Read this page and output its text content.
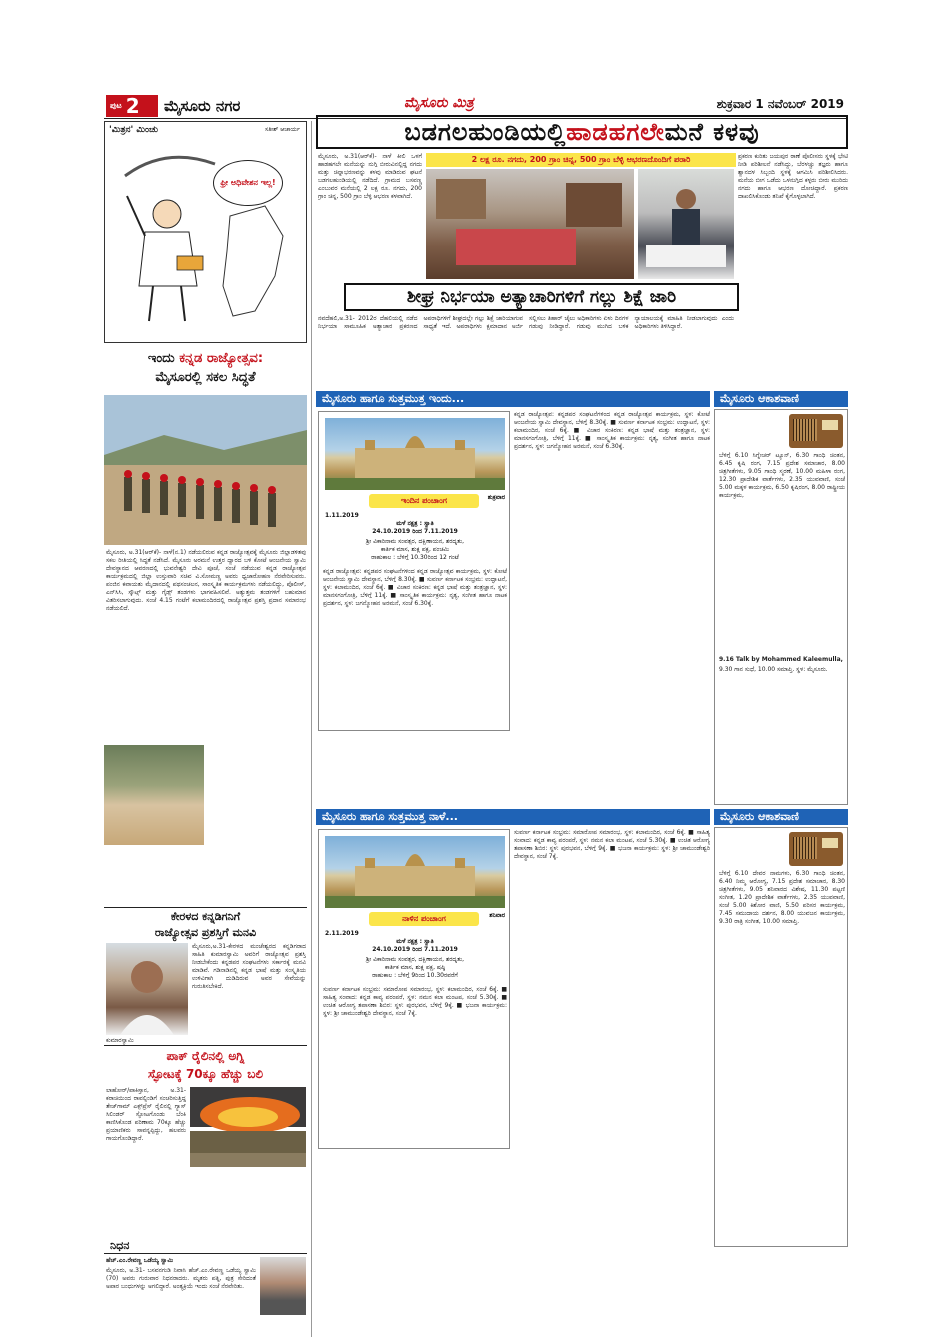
ಪುಟ 2 ಮೈಸೂರು ನಗರ	ಮೈಸೂರು ಮಿತ್ರ	ಶುಕ್ರವಾರ 1 ನವೆಂಬರ್ 2019
'ಮಿತ್ರನ' ಮಿಂಚು	ಸತೀಶ್ ಆಚಾರ್ಯ
ಫ್ರೀ ಅಧಿವೇಶನ ಇಲ್ಲ!
ಇಂದು ಕನ್ನಡ ರಾಜ್ಯೋತ್ಸವ:
ಮೈಸೂರಲ್ಲಿ ಸಕಲ ಸಿದ್ಧತೆ
ಮೈಸೂರು, ಅ.31(ಆರ್‌ಕೆ)- ನಾಳೆ(ನ.1) ನಡೆಯಲಿರುವ ಕನ್ನಡ ರಾಜ್ಯೋತ್ಸವಕ್ಕೆ ಮೈಸೂರು ಜಿಲ್ಲಾಡಳಿತವು ಸಕಲ ರೀತಿಯಲ್ಲಿ ಸಿದ್ಧತೆ ನಡೆಸಿದೆ. ಮೈಸೂರು ಅರಮನೆ ಉತ್ತರ ದ್ವಾರದ ಬಳಿ ಕೋಟೆ ಆಂಜನೇಯ ಸ್ವಾಮಿ ದೇವಸ್ಥಾನದ ಆವರಣದಲ್ಲಿ ಭುವನೇಶ್ವರಿ ದೇವಿ ಪೂಜೆ, ಸಂಜೆ ನಡೆಯುವ ಕನ್ನಡ ರಾಜ್ಯೋತ್ಸವ ಕಾರ್ಯಕ್ರಮದಲ್ಲಿ ಜಿಲ್ಲಾ ಉಸ್ತುವಾರಿ ಸಚಿವ ವಿ.ಸೋಮಣ್ಣ ಅವರು ಧ್ವಜಾರೋಹಣ ನೆರವೇರಿಸುವರು. ಪಂಜಿನ ಕವಾಯತು ಮೈದಾನದಲ್ಲಿ ಪಥಸಂಚಲನ, ಸಾಂಸ್ಕೃತಿಕ ಕಾರ್ಯಕ್ರಮಗಳು ನಡೆಯಲಿದ್ದು, ಪೊಲೀಸ್, ಎನ್‌ಸಿಸಿ, ಸ್ಕೌಟ್ಸ್ ಮತ್ತು ಗೈಡ್ಸ್ ತಂಡಗಳು ಭಾಗವಹಿಸಲಿವೆ. ಅತ್ಯುತ್ತಮ ತಂಡಗಳಿಗೆ ಬಹುಮಾನ ವಿತರಿಸಲಾಗುವುದು. ಸಂಜೆ 4.15 ಗಂಟೆಗೆ ಕಲಾಮಂದಿರದಲ್ಲಿ ರಾಜ್ಯೋತ್ಸವ ಪ್ರಶಸ್ತಿ ಪ್ರದಾನ ಸಮಾರಂಭ ನಡೆಯಲಿದೆ.
ಕೇರಳದ ಕನ್ನಡಿಗನಿಗೆ
ರಾಜ್ಯೋತ್ಸವ ಪ್ರಶಸ್ತಿಗೆ ಮನವಿ
ಕುಮಾರಸ್ವಾಮಿ
ಮೈಸೂರು,ಅ.31-ಕೇರಳದ ಮಂಜೇಶ್ವರದ ಕನ್ನಡಿಗರಾದ ಸಾಹಿತಿ ಕುಮಾರಸ್ವಾಮಿ ಅವರಿಗೆ ರಾಜ್ಯೋತ್ಸವ ಪ್ರಶಸ್ತಿ ನೀಡಬೇಕೆಂದು ಕನ್ನಡಪರ ಸಂಘಟನೆಗಳು ಸರ್ಕಾರಕ್ಕೆ ಮನವಿ ಮಾಡಿವೆ. ಗಡಿನಾಡಿನಲ್ಲಿ ಕನ್ನಡ ಭಾಷೆ ಮತ್ತು ಸಂಸ್ಕೃತಿಯ ಉಳಿವಿಗಾಗಿ ದುಡಿದಿರುವ ಅವರ ಸೇವೆಯನ್ನು ಗುರುತಿಸಬೇಕಿದೆ.
ಪಾಕ್ ರೈಲಿನಲ್ಲಿ ಅಗ್ನಿ
ಸ್ಫೋಟಕ್ಕೆ 70ಕ್ಕೂ ಹೆಚ್ಚು ಬಲಿ
ಲಾಹೋರ್/ಪಾಕಿಸ್ತಾನ, ಅ.31- ಕರಾಚಿಯಿಂದ ರಾವಲ್ಪಿಂಡಿಗೆ ಸಂಚರಿಸುತ್ತಿದ್ದ ತೇಜ್‌ಗಾಮ್ ಎಕ್ಸ್‌ಪ್ರೆಸ್ ರೈಲಿನಲ್ಲಿ ಗ್ಯಾಸ್ ಸಿಲಿಂಡರ್ ಸ್ಫೋಟಗೊಂಡು ಬೆಂಕಿ ಕಾಣಿಸಿಕೊಂಡ ಪರಿಣಾಮ 70ಕ್ಕೂ ಹೆಚ್ಚು ಪ್ರಯಾಣಿಕರು ಸಾವನ್ನಪ್ಪಿದ್ದು, ಹಲವರು ಗಾಯಗೊಂಡಿದ್ದಾರೆ.
ನಿಧನ
ಹೆಚ್.ಎಂ.ರೇವಣ್ಣ ಒಡೆಯ್ಯ ಸ್ವಾಮಿ
ಮೈಸೂರು, ಅ.31- ಬಸವನಗುಡಿ ನಿವಾಸಿ ಹೆಚ್.ಎಂ.ರೇವಣ್ಣ ಒಡೆಯ್ಯ ಸ್ವಾಮಿ (70) ಅವರು ಗುರುವಾರ ನಿಧನರಾದರು. ಮೃತರು ಪತ್ನಿ, ಪುತ್ರ ಸೇರಿದಂತೆ ಅಪಾರ ಬಂಧುಗಳನ್ನು ಅಗಲಿದ್ದಾರೆ. ಅಂತ್ಯಕ್ರಿಯೆ ಇಂದು ಸಂಜೆ ನೆರವೇರಿತು.
ಬಡಗಲಹುಂಡಿಯಲ್ಲಿ ಹಾಡಹಗಲೇ ಮನೆ ಕಳವು
ಮೈಸೂರು, ಅ.31(ಆರ್‌ಕೆ)- ನಾಳೆ ಕೀಲಿ ಒಳಗೆ ಹಾಡಹಗಲೇ ಮನೆಯನ್ನು ನುಗ್ಗಿ ಬೀರುವಿನಲ್ಲಿದ್ದ ನಗದು ಮತ್ತು ಚಿನ್ನಾಭರಣವನ್ನು ಕಳವು ಮಾಡಿರುವ ಘಟನೆ ಬಡಗಲಹುಂಡಿಯಲ್ಲಿ ನಡೆದಿದೆ. ಗ್ರಾಮದ ಬಸವಣ್ಣ ಎಂಬುವರ ಮನೆಯಲ್ಲಿ 2 ಲಕ್ಷ ರೂ. ನಗದು, 200 ಗ್ರಾಂ ಚಿನ್ನ, 500 ಗ್ರಾಂ ಬೆಳ್ಳಿ ಆಭರಣ ಕಳವಾಗಿದೆ.
2 ಲಕ್ಷ ರೂ. ನಗದು, 200 ಗ್ರಾಂ ಚಿನ್ನ, 500 ಗ್ರಾಂ ಬೆಳ್ಳಿ ಆಭರಣದೊಂದಿಗೆ ಪರಾರಿ	ಪ್ರಕರಣ ಕುರಿತು ಜಯಪುರ ಠಾಣೆ ಪೊಲೀಸರು ಸ್ಥಳಕ್ಕೆ ಭೇಟಿ ನೀಡಿ ಪರಿಶೀಲನೆ ನಡೆಸಿದ್ದು, ಬೆರಳಚ್ಚು ತಜ್ಞರು ಹಾಗೂ ಶ್ವಾನದಳ ಸಿಬ್ಬಂದಿ ಸ್ಥಳಕ್ಕೆ ಆಗಮಿಸಿ ಪರಿಶೀಲಿಸಿದರು. ಮನೆಯ ಬೀಗ ಒಡೆದು ಒಳನುಗ್ಗಿದ ಕಳ್ಳರು ಬೀರು ಮುರಿದು ನಗದು ಹಾಗೂ ಆಭರಣ ದೋಚಿದ್ದಾರೆ. ಪ್ರಕರಣ ದಾಖಲಿಸಿಕೊಂಡು ತನಿಖೆ ಕೈಗೊಳ್ಳಲಾಗಿದೆ.
ಶೀಘ್ರ ನಿರ್ಭಯಾ ಅತ್ಯಾಚಾರಿಗಳಿಗೆ ಗಲ್ಲು ಶಿಕ್ಷೆ ಜಾರಿ
ನವದೆಹಲಿ,ಅ.31- 2012ರ ದೆಹಲಿಯಲ್ಲಿ ನಡೆದ ನಿರ್ಭಯಾ ಸಾಮೂಹಿಕ ಅತ್ಯಾಚಾರ ಪ್ರಕರಣದ ಅಪರಾಧಿಗಳಿಗೆ ಶೀಘ್ರದಲ್ಲೇ ಗಲ್ಲು ಶಿಕ್ಷೆ ಜಾರಿಯಾಗುವ ಸಾಧ್ಯತೆ ಇದೆ. ಅಪರಾಧಿಗಳು ಕ್ಷಮಾದಾನ ಅರ್ಜಿ ಸಲ್ಲಿಸಲು ತಿಹಾರ್ ಜೈಲು ಅಧಿಕಾರಿಗಳು ಏಳು ದಿನಗಳ ಗಡುವು ನೀಡಿದ್ದಾರೆ. ಗಡುವು ಮುಗಿದ ಬಳಿಕ ನ್ಯಾಯಾಲಯಕ್ಕೆ ಮಾಹಿತಿ ನೀಡಲಾಗುವುದು ಎಂದು ಅಧಿಕಾರಿಗಳು ತಿಳಿಸಿದ್ದಾರೆ.
ಮೈಸೂರು ಹಾಗೂ ಸುತ್ತಮುತ್ತ ಇಂದು...
ಇಂದಿನ ಪಂಚಾಂಗ
1.11.2019
ಶುಕ್ರವಾರ
ಮಳೆ ನಕ್ಷತ್ರ : ಸ್ವಾತಿ
24.10.2019 ರಿಂದ 7.11.2019
ಶ್ರೀ ವಿಕಾರಿನಾಮ ಸಂವತ್ಸರ, ದಕ್ಷಿಣಾಯನ, ಶರದೃತು,
ಕಾರ್ತಿಕ ಮಾಸ, ಶುಕ್ಲ ಪಕ್ಷ, ಪಂಚಮಿ
ರಾಹುಕಾಲ : ಬೆಳಿಗ್ಗೆ 10.30ರಿಂದ 12 ಗಂಟೆ
ಕನ್ನಡ ರಾಜ್ಯೋತ್ಸವ: ಕನ್ನಡಪರ ಸಂಘಟನೆಗಳಿಂದ ಕನ್ನಡ ರಾಜ್ಯೋತ್ಸವ ಕಾರ್ಯಕ್ರಮ, ಸ್ಥಳ: ಕೋಟೆ ಆಂಜನೇಯ ಸ್ವಾಮಿ ದೇವಸ್ಥಾನ, ಬೆಳಿಗ್ಗೆ 8.30ಕ್ಕೆ. ■ ಸುವರ್ಣ ಕರ್ನಾಟಕ ಸಂಭ್ರಮ: ಉದ್ಘಾಟನೆ, ಸ್ಥಳ: ಕಲಾಮಂದಿರ, ಸಂಜೆ 6ಕ್ಕೆ. ■ ವಿಚಾರ ಸಂಕಿರಣ: ಕನ್ನಡ ಭಾಷೆ ಮತ್ತು ತಂತ್ರಜ್ಞಾನ, ಸ್ಥಳ: ಮಾನಸಗಂಗೋತ್ರಿ, ಬೆಳಿಗ್ಗೆ 11ಕ್ಕೆ. ■ ಸಾಂಸ್ಕೃತಿಕ ಕಾರ್ಯಕ್ರಮ: ನೃತ್ಯ, ಸಂಗೀತ ಹಾಗೂ ನಾಟಕ ಪ್ರದರ್ಶನ, ಸ್ಥಳ: ಜಗನ್ಮೋಹನ ಅರಮನೆ, ಸಂಜೆ 6.30ಕ್ಕೆ.
ಕನ್ನಡ ರಾಜ್ಯೋತ್ಸವ: ಕನ್ನಡಪರ ಸಂಘಟನೆಗಳಿಂದ ಕನ್ನಡ ರಾಜ್ಯೋತ್ಸವ ಕಾರ್ಯಕ್ರಮ, ಸ್ಥಳ: ಕೋಟೆ ಆಂಜನೇಯ ಸ್ವಾಮಿ ದೇವಸ್ಥಾನ, ಬೆಳಿಗ್ಗೆ 8.30ಕ್ಕೆ. ■ ಸುವರ್ಣ ಕರ್ನಾಟಕ ಸಂಭ್ರಮ: ಉದ್ಘಾಟನೆ, ಸ್ಥಳ: ಕಲಾಮಂದಿರ, ಸಂಜೆ 6ಕ್ಕೆ. ■ ವಿಚಾರ ಸಂಕಿರಣ: ಕನ್ನಡ ಭಾಷೆ ಮತ್ತು ತಂತ್ರಜ್ಞಾನ, ಸ್ಥಳ: ಮಾನಸಗಂಗೋತ್ರಿ, ಬೆಳಿಗ್ಗೆ 11ಕ್ಕೆ. ■ ಸಾಂಸ್ಕೃತಿಕ ಕಾರ್ಯಕ್ರಮ: ನೃತ್ಯ, ಸಂಗೀತ ಹಾಗೂ ನಾಟಕ ಪ್ರದರ್ಶನ, ಸ್ಥಳ: ಜಗನ್ಮೋಹನ ಅರಮನೆ, ಸಂಜೆ 6.30ಕ್ಕೆ.
ಮೈಸೂರು ಆಕಾಶವಾಣಿ
ಬೆಳಿಗ್ಗೆ 6.10 ಸಿಗ್ನೇಚರ್ ಟ್ಯೂನ್, 6.30 ಗಾಂಧಿ ಚಿಂತನ, 6.45 ಕೃಷಿ ರಂಗ, 7.15 ಪ್ರದೇಶ ಸಮಾಚಾರ, 8.00 ಚಿತ್ರಗೀತೆಗಳು, 9.05 ಗಾಂಧಿ ಸ್ಮರಣೆ, 10.00 ಮಹಿಳಾ ರಂಗ, 12.30 ಪ್ರಾದೇಶಿಕ ವಾರ್ತೆಗಳು, 2.35 ಯುವವಾಣಿ, ಸಂಜೆ 5.00 ಮಕ್ಕಳ ಕಾರ್ಯಕ್ರಮ, 6.50 ಕೃಷಿರಂಗ, 8.00 ರಾಷ್ಟ್ರೀಯ ಕಾರ್ಯಕ್ರಮ,
9.16 Talk by Mohammed Kaleemulla,
9.30 ಗಾನ ಸುಧೆ, 10.00 ಸಮಾಪ್ತಿ. ಸ್ಥಳ: ಮೈಸೂರು.
ಮೈಸೂರು ಹಾಗೂ ಸುತ್ತಮುತ್ತ ನಾಳೆ...
ನಾಳಿನ ಪಂಚಾಂಗ
2.11.2019
ಶನಿವಾರ
ಮಳೆ ನಕ್ಷತ್ರ : ಸ್ವಾತಿ
24.10.2019 ರಿಂದ 7.11.2019
ಶ್ರೀ ವಿಕಾರಿನಾಮ ಸಂವತ್ಸರ, ದಕ್ಷಿಣಾಯನ, ಶರದೃತು,
ಕಾರ್ತಿಕ ಮಾಸ, ಶುಕ್ಲ ಪಕ್ಷ, ಷಷ್ಠಿ
ರಾಹುಕಾಲ : ಬೆಳಿಗ್ಗೆ 9ರಿಂದ 10.30ರವರೆಗೆ
ಸುವರ್ಣ ಕರ್ನಾಟಕ ಸಂಭ್ರಮ: ಸಮಾರೋಪ ಸಮಾರಂಭ, ಸ್ಥಳ: ಕಲಾಮಂದಿರ, ಸಂಜೆ 6ಕ್ಕೆ. ■ ಸಾಹಿತ್ಯ ಸಂವಾದ: ಕನ್ನಡ ಕಾವ್ಯ ಪರಂಪರೆ, ಸ್ಥಳ: ನಮನ ಕಲಾ ಮಂಟಪ, ಸಂಜೆ 5.30ಕ್ಕೆ. ■ ಉಚಿತ ಆರೋಗ್ಯ ತಪಾಸಣಾ ಶಿಬಿರ: ಸ್ಥಳ: ಪುರಭವನ, ಬೆಳಿಗ್ಗೆ 9ಕ್ಕೆ. ■ ಭಜನಾ ಕಾರ್ಯಕ್ರಮ: ಸ್ಥಳ: ಶ್ರೀ ಚಾಮುಂಡೇಶ್ವರಿ ದೇವಸ್ಥಾನ, ಸಂಜೆ 7ಕ್ಕೆ.
ಸುವರ್ಣ ಕರ್ನಾಟಕ ಸಂಭ್ರಮ: ಸಮಾರೋಪ ಸಮಾರಂಭ, ಸ್ಥಳ: ಕಲಾಮಂದಿರ, ಸಂಜೆ 6ಕ್ಕೆ. ■ ಸಾಹಿತ್ಯ ಸಂವಾದ: ಕನ್ನಡ ಕಾವ್ಯ ಪರಂಪರೆ, ಸ್ಥಳ: ನಮನ ಕಲಾ ಮಂಟಪ, ಸಂಜೆ 5.30ಕ್ಕೆ. ■ ಉಚಿತ ಆರೋಗ್ಯ ತಪಾಸಣಾ ಶಿಬಿರ: ಸ್ಥಳ: ಪುರಭವನ, ಬೆಳಿಗ್ಗೆ 9ಕ್ಕೆ. ■ ಭಜನಾ ಕಾರ್ಯಕ್ರಮ: ಸ್ಥಳ: ಶ್ರೀ ಚಾಮುಂಡೇಶ್ವರಿ ದೇವಸ್ಥಾನ, ಸಂಜೆ 7ಕ್ಕೆ.
ಮೈಸೂರು ಆಕಾಶವಾಣಿ
ಬೆಳಿಗ್ಗೆ 6.10 ದೇವರ ನಾಮಗಳು, 6.30 ಗಾಂಧಿ ಚಿಂತನ, 6.40 ನಿಮ್ಮ ಆರೋಗ್ಯ, 7.15 ಪ್ರದೇಶ ಸಮಾಚಾರ, 8.30 ಚಿತ್ರಗೀತೆಗಳು, 9.05 ಶನಿವಾರದ ವಿಶೇಷ, 11.30 ಪಟ್ಟಣಿ ಸಂಗೀತ, 1.20 ಪ್ರಾದೇಶಿಕ ವಾರ್ತೆಗಳು, 2.35 ಯುವವಾಣಿ, ಸಂಜೆ 5.00 ಕಿಶೋರ ವಾಣಿ, 5.50 ಪರಿಸರ ಕಾರ್ಯಕ್ರಮ, 7.45 ಸಮುದಾಯ ದರ್ಶನ, 8.00 ಯುವಜನ ಕಾರ್ಯಕ್ರಮ, 9.30 ರಾತ್ರಿ ಸಂಗೀತ, 10.00 ಸಮಾಪ್ತಿ.
